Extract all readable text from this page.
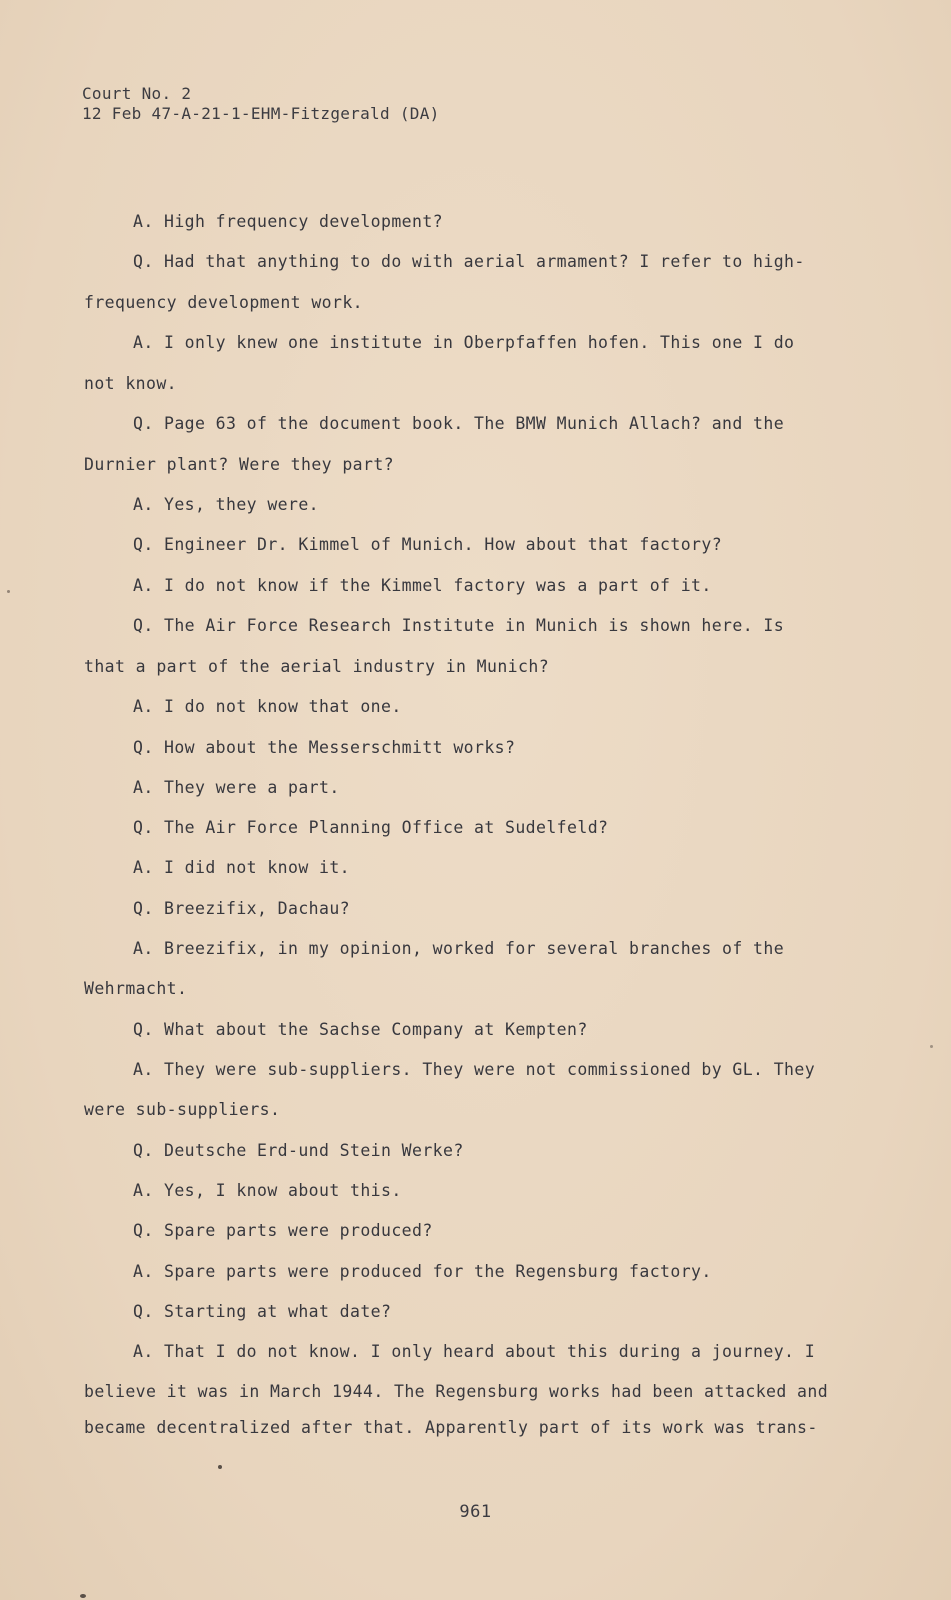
Court No. 2
12 Feb 47-A-21-1-EHM-Fitzgerald (DA)
A. High frequency development?
Q. Had that anything to do with aerial armament? I refer to high-
frequency development work.
A. I only knew one institute in Oberpfaffen hofen. This one I do
not know.
Q. Page 63 of the document book. The BMW Munich Allach? and the
Durnier plant? Were they part?
A. Yes, they were.
Q. Engineer Dr. Kimmel of Munich. How about that factory?
A. I do not know if the Kimmel factory was a part of it.
Q. The Air Force Research Institute in Munich is shown here. Is
that a part of the aerial industry in Munich?
A. I do not know that one.
Q. How about the Messerschmitt works?
A. They were a part.
Q. The Air Force Planning Office at Sudelfeld?
A. I did not know it.
Q. Breezifix, Dachau?
A. Breezifix, in my opinion, worked for several branches of the
Wehrmacht.
Q. What about the Sachse Company at Kempten?
A. They were sub-suppliers. They were not commissioned by GL. They
were sub-suppliers.
Q. Deutsche Erd-und Stein Werke?
A. Yes, I know about this.
Q. Spare parts were produced?
A. Spare parts were produced for the Regensburg factory.
Q. Starting at what date?
A. That I do not know. I only heard about this during a journey. I
believe it was in March 1944. The Regensburg works had been attacked and
became decentralized after that. Apparently part of its work was trans-
961
